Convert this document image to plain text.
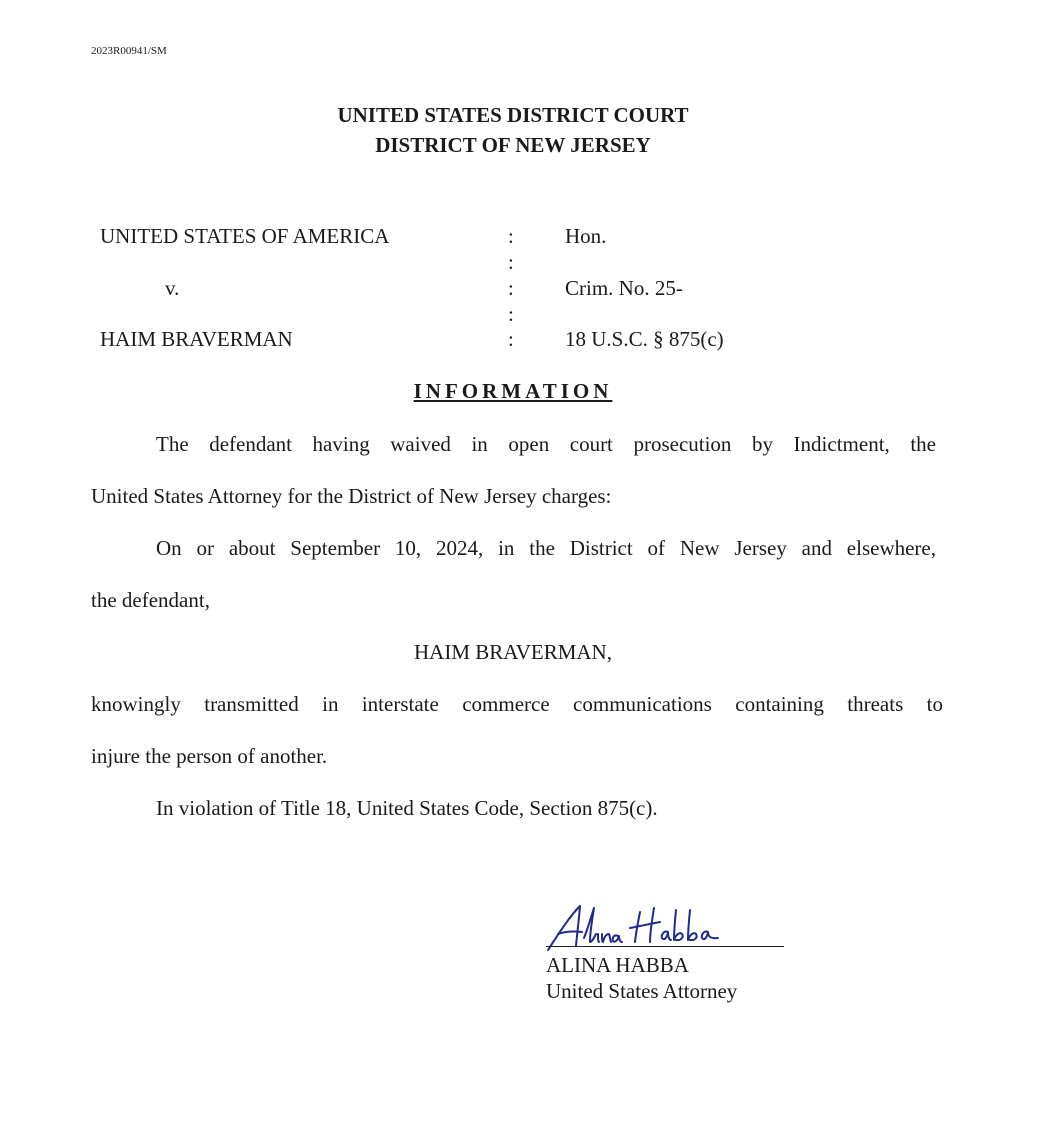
2023R00941/SM
UNITED STATES DISTRICT COURT
DISTRICT OF NEW JERSEY
UNITED STATES OF AMERICA
v.
HAIM BRAVERMAN
:
:
:
:
:
Hon.
Crim. No. 25-
18 U.S.C. § 875(c)
INFORMATION
The defendant having waived in open court prosecution by Indictment, the
United States Attorney for the District of New Jersey charges:
On or about September 10, 2024, in the District of New Jersey and elsewhere,
the defendant,
HAIM BRAVERMAN,
knowingly transmitted in interstate commerce communications containing threats to
injure the person of another.
In violation of Title 18, United States Code, Section 875(c).
ALINA HABBA
United States Attorney
